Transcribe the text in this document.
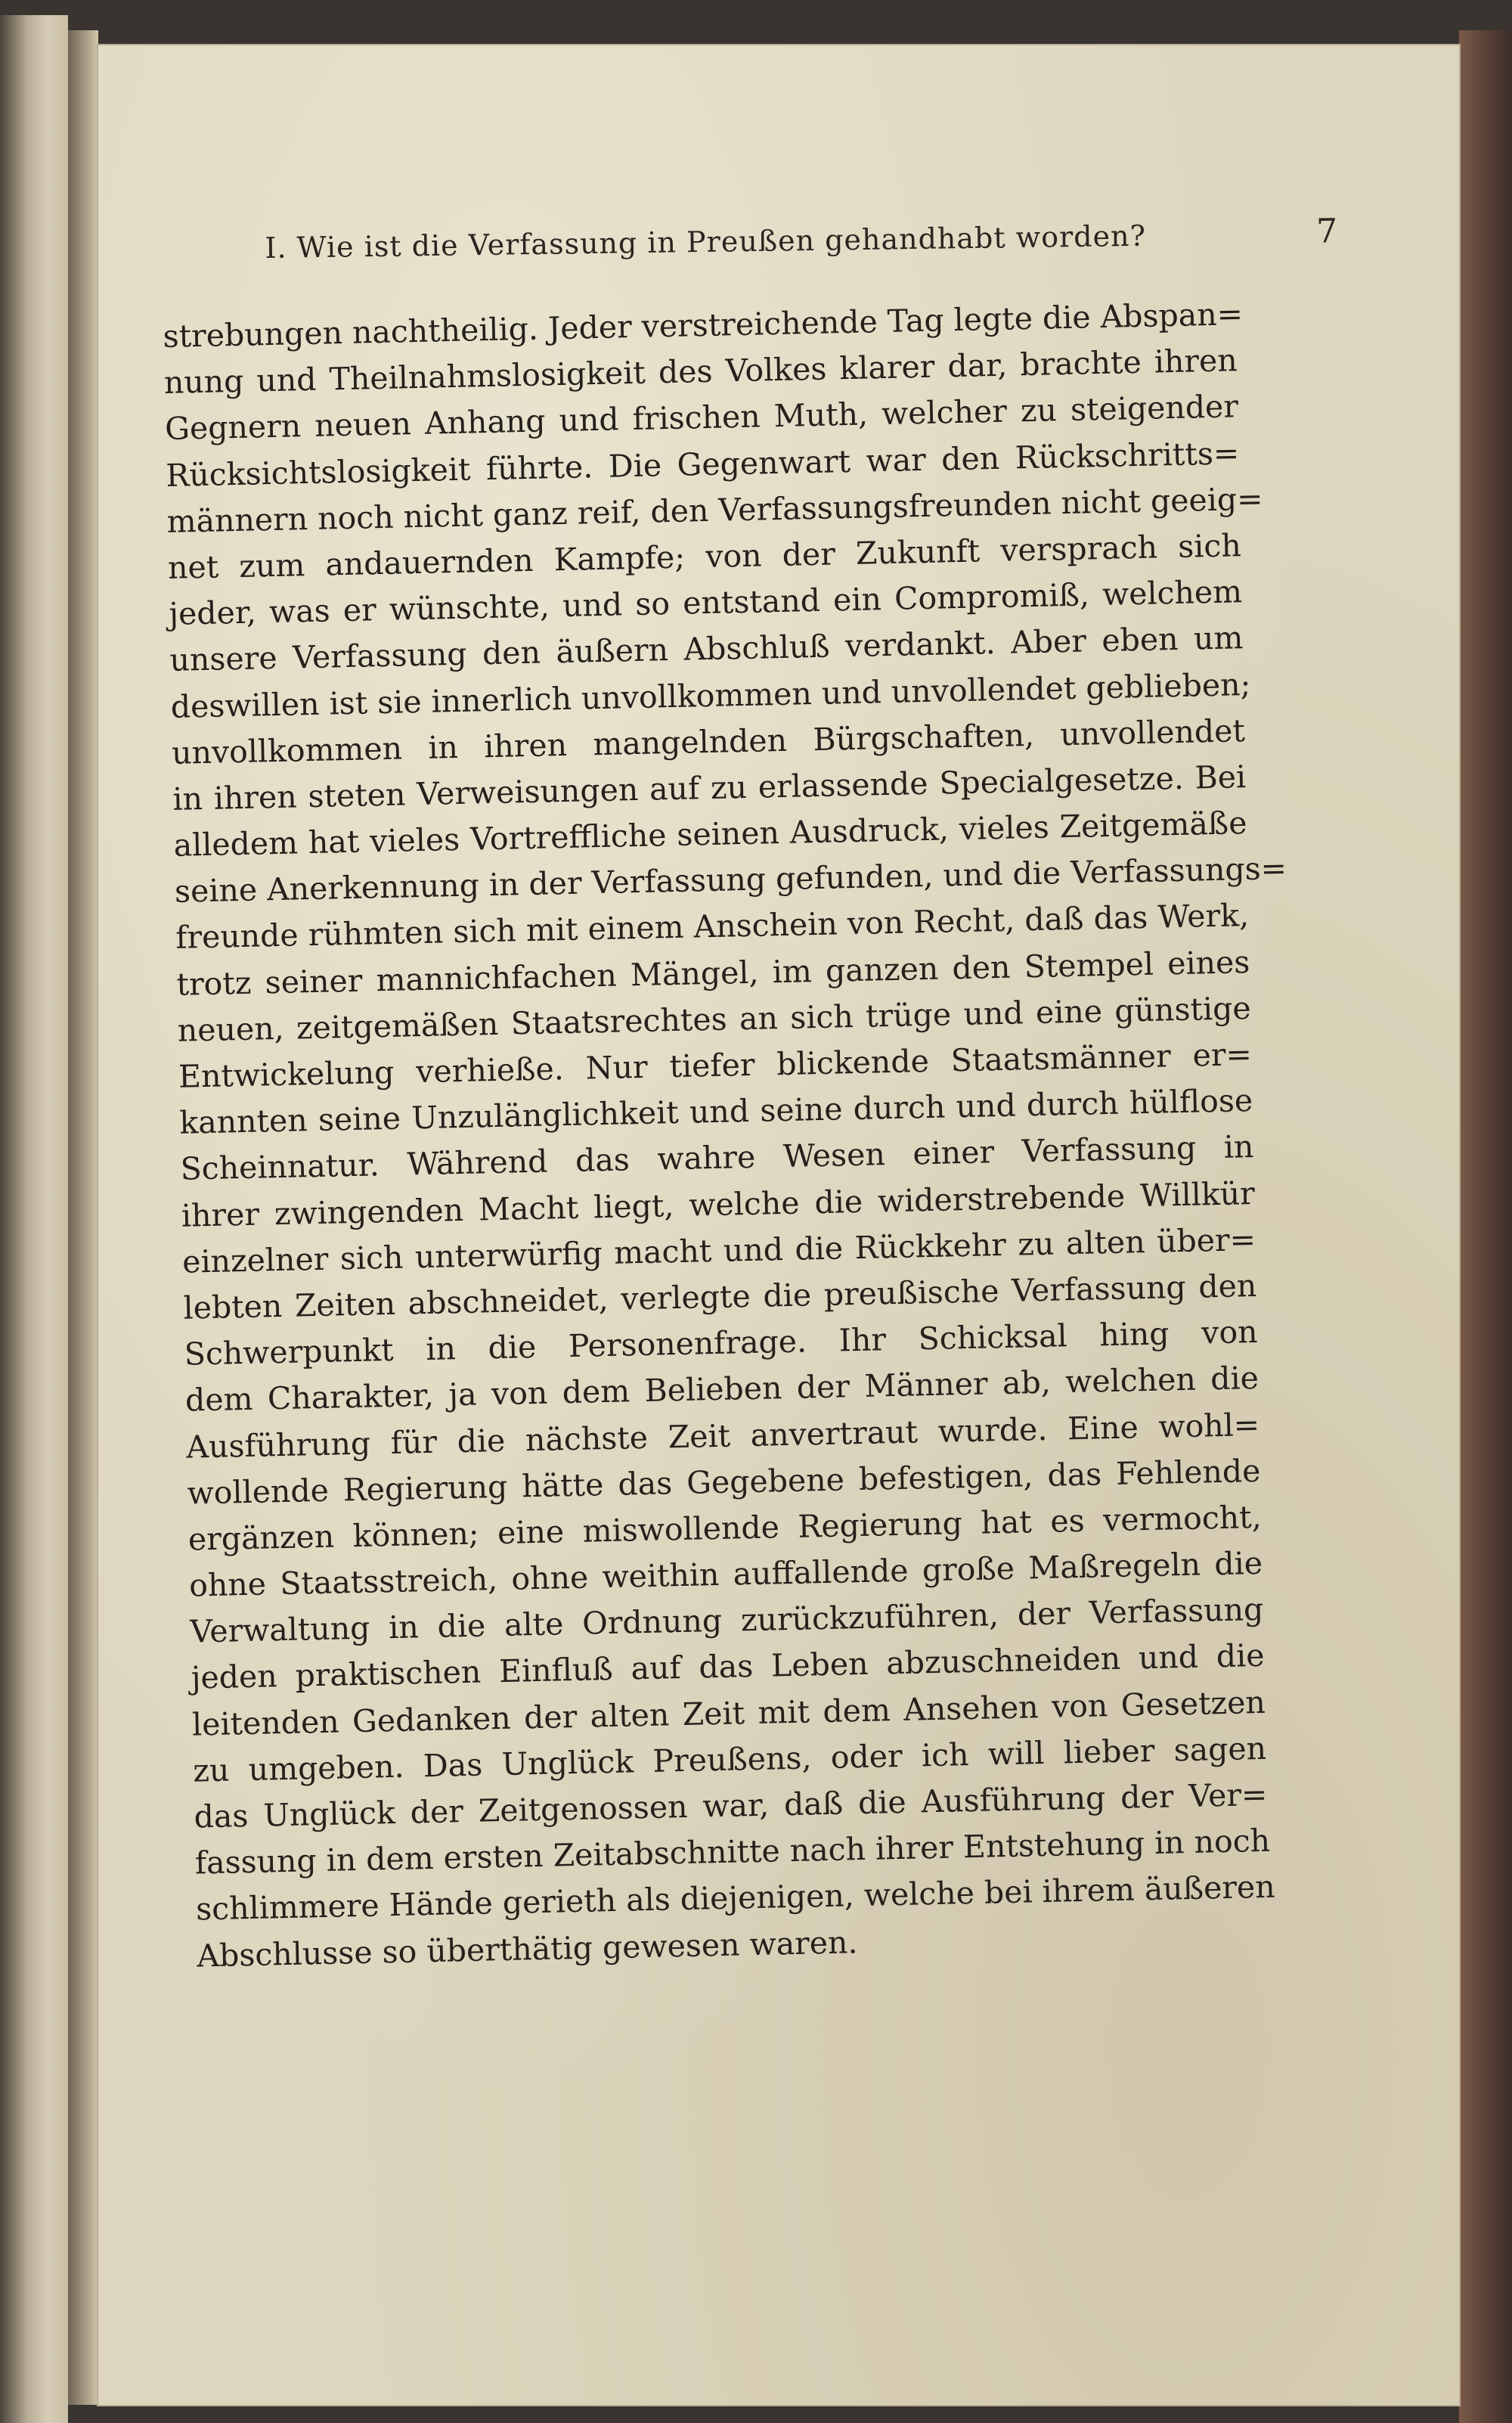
I. Wie ist die Verfassung in Preußen gehandhabt worden?	7
strebungen nachtheilig. Jeder verstreichende Tag legte die Abspan=
nung und Theilnahmslosigkeit des Volkes klarer dar, brachte ihren
Gegnern neuen Anhang und frischen Muth, welcher zu steigender
Rücksichtslosigkeit führte. Die Gegenwart war den Rückschritts=
männern noch nicht ganz reif, den Verfassungsfreunden nicht geeig=
net zum andauernden Kampfe; von der Zukunft versprach sich
jeder, was er wünschte, und so entstand ein Compromiß, welchem
unsere Verfassung den äußern Abschluß verdankt. Aber eben um
deswillen ist sie innerlich unvollkommen und unvollendet geblieben;
unvollkommen in ihren mangelnden Bürgschaften, unvollendet
in ihren steten Verweisungen auf zu erlassende Specialgesetze. Bei
alledem hat vieles Vortreffliche seinen Ausdruck, vieles Zeitgemäße
seine Anerkennung in der Verfassung gefunden, und die Verfassungs=
freunde rühmten sich mit einem Anschein von Recht, daß das Werk,
trotz seiner mannichfachen Mängel, im ganzen den Stempel eines
neuen, zeitgemäßen Staatsrechtes an sich trüge und eine günstige
Entwickelung verhieße. Nur tiefer blickende Staatsmänner er=
kannten seine Unzulänglichkeit und seine durch und durch hülflose
Scheinnatur. Während das wahre Wesen einer Verfassung in
ihrer zwingenden Macht liegt, welche die widerstrebende Willkür
einzelner sich unterwürfig macht und die Rückkehr zu alten über=
lebten Zeiten abschneidet, verlegte die preußische Verfassung den
Schwerpunkt in die Personenfrage. Ihr Schicksal hing von
dem Charakter, ja von dem Belieben der Männer ab, welchen die
Ausführung für die nächste Zeit anvertraut wurde. Eine wohl=
wollende Regierung hätte das Gegebene befestigen, das Fehlende
ergänzen können; eine miswollende Regierung hat es vermocht,
ohne Staatsstreich, ohne weithin auffallende große Maßregeln die
Verwaltung in die alte Ordnung zurückzuführen, der Verfassung
jeden praktischen Einfluß auf das Leben abzuschneiden und die
leitenden Gedanken der alten Zeit mit dem Ansehen von Gesetzen
zu umgeben. Das Unglück Preußens, oder ich will lieber sagen
das Unglück der Zeitgenossen war, daß die Ausführung der Ver=
fassung in dem ersten Zeitabschnitte nach ihrer Entstehung in noch
schlimmere Hände gerieth als diejenigen, welche bei ihrem äußeren
Abschlusse so überthätig gewesen waren.
